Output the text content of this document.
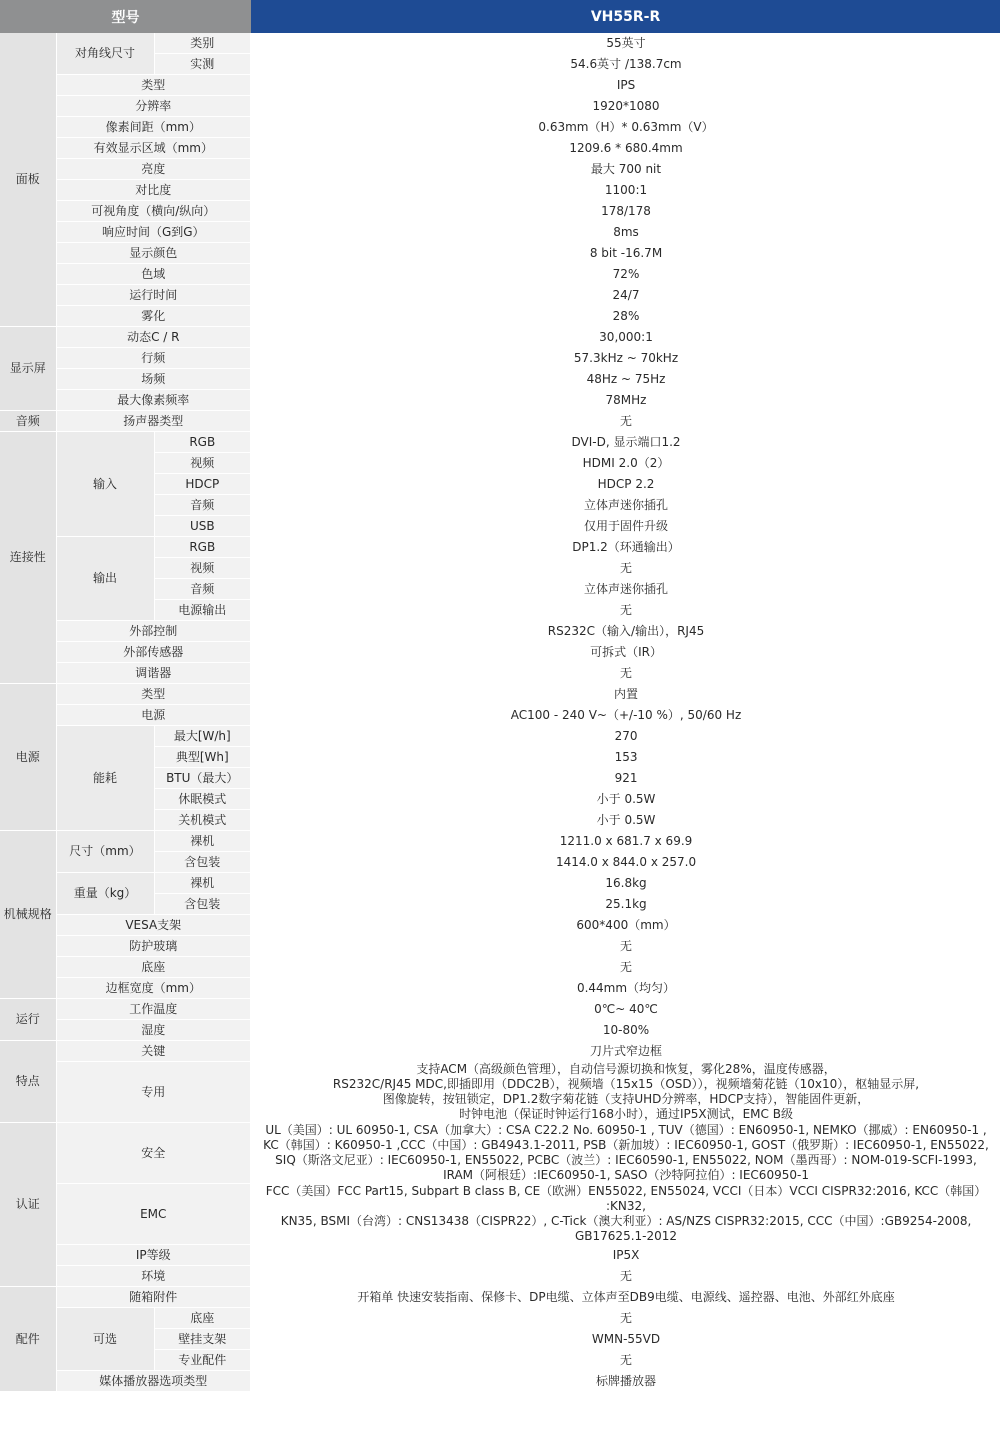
型号			VH55R-R
面板	对角线尺寸	类别	55英寸
		实测	54.6英寸 /138.7cm
	类型		IPS
	分辨率		1920*1080
	像素间距（mm）		0.63mm（H）* 0.63mm（V）
	有效显示区域（mm）		1209.6 * 680.4mm
	亮度		最大 700 nit
	对比度		1100:1
	可视角度（横向/纵向）		178/178
	响应时间（G到G）		8ms
	显示颜色		8 bit -16.7M
	色域		72%
	运行时间		24/7
	雾化		28%
显示屏	动态C / R		30,000:1
	行频		57.3kHz ~ 70kHz
	场频		48Hz ~ 75Hz
	最大像素频率		78MHz
音频	扬声器类型		无
连接性	输入	RGB	DVI-D, 显示端口1.2
		视频	HDMI 2.0（2）
		HDCP	HDCP 2.2
		音频	立体声迷你插孔
		USB	仅用于固件升级
	输出	RGB	DP1.2（环通输出）
		视频	无
		音频	立体声迷你插孔
		电源输出	无
	外部控制		RS232C（输入/输出），RJ45
	外部传感器		可拆式（IR）
	调谐器		无
电源	类型		内置
	电源		AC100 - 240 V~（+/-10 %）, 50/60 Hz
	能耗	最大[W/h]	270
		典型[Wh]	153
		BTU（最大）	921
		休眠模式	小于 0.5W
		关机模式	小于 0.5W
机械规格	尺寸（mm）	裸机	1211.0 x 681.7 x 69.9
		含包装	1414.0 x 844.0 x 257.0
	重量（kg）	裸机	16.8kg
		含包装	25.1kg
	VESA支架		600*400（mm）
	防护玻璃		无
	底座		无
	边框宽度（mm）		0.44mm（均匀）
运行	工作温度		0℃~ 40℃
	湿度		10-80%
特点	关键		刀片式窄边框
	专用		支持ACM（高级颜色管理），自动信号源切换和恢复，雾化28%，温度传感器，
RS232C/RJ45 MDC,即插即用（DDC2B），视频墙（15x15（OSD）），视频墙菊花链（10x10），枢轴显示屏,
图像旋转，按钮锁定，DP1.2数字菊花链（支持UHD分辨率，HDCP支持），智能固件更新，
时钟电池（保证时钟运行168小时），通过IP5X测试，EMC B级

认证	安全		UL（美国）: UL 60950-1, CSA（加拿大）: CSA C22.2 No. 60950-1 , TUV（德国）: EN60950-1, NEMKO（挪威）: EN60950-1 ,
KC（韩国）: K60950-1 ,CCC（中国）: GB4943.1-2011, PSB（新加坡）: IEC60950-1, GOST（俄罗斯）: IEC60950-1, EN55022,
SIQ（斯洛文尼亚）: IEC60950-1, EN55022, PCBC（波兰）: IEC60590-1, EN55022, NOM（墨西哥）: NOM-019-SCFI-1993,
IRAM（阿根廷）:IEC60950-1, SASO（沙特阿拉伯）: IEC60950-1

	EMC		FCC（美国）FCC Part15, Subpart B class B, CE（欧洲）EN55022, EN55024, VCCI（日本）VCCI CISPR32:2016, KCC（韩国）
:KN32,
KN35, BSMI（台湾）: CNS13438（CISPR22）, C-Tick（澳大利亚）: AS/NZS CISPR32:2015, CCC（中国）:GB9254-2008,
GB17625.1-2012

	IP等级		IP5X
	环境		无
配件	随箱附件		开箱单 快速安装指南、保修卡、DP电缆、立体声至DB9电缆、电源线、遥控器、电池、外部红外底座
	可选	底座	无
		壁挂支架	WMN-55VD
		专业配件	无
	媒体播放器选项类型		标牌播放器
